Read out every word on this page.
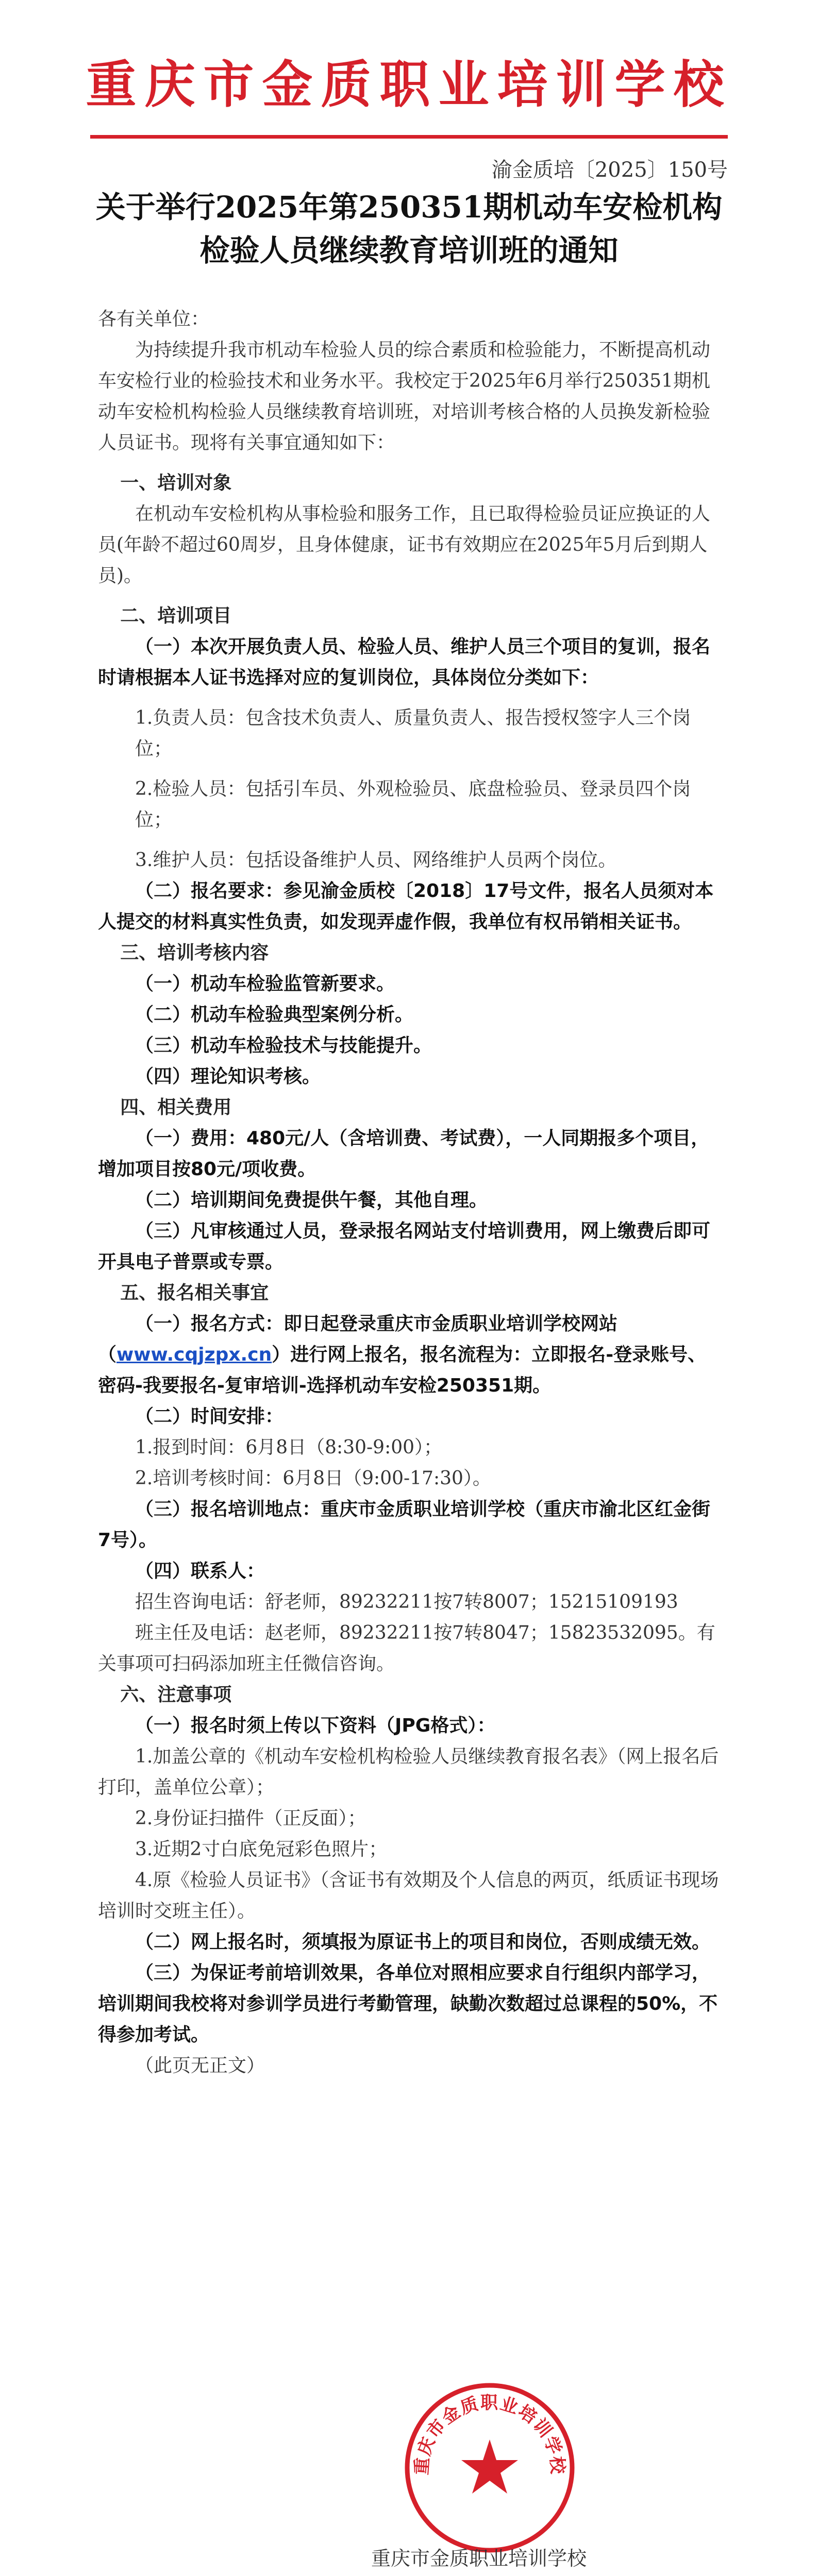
重庆市金质职业培训学校
渝金质培〔2025〕150号
关于举行2025年第250351期机动车安检机构
检验人员继续教育培训班的通知

各有关单位：

为持续提升我市机动车检验人员的综合素质和检验能力，不断提高机动车安检行业的检验技术和业务水平。我校定于2025年6月举行250351期机动车安检机构检验人员继续教育培训班，对培训考核合格的人员换发新检验人员证书。现将有关事宜通知如下：

一、培训对象

在机动车安检机构从事检验和服务工作，且已取得检验员证应换证的人员(年龄不超过60周岁，且身体健康，证书有效期应在2025年5月后到期人员)。

二、培训项目

（一）本次开展负责人员、检验人员、维护人员三个项目的复训，报名时请根据本人证书选择对应的复训岗位，具体岗位分类如下：

1.负责人员：包含技术负责人、质量负责人、报告授权签字人三个岗位；

2.检验人员：包括引车员、外观检验员、底盘检验员、登录员四个岗位；

3.维护人员：包括设备维护人员、网络维护人员两个岗位。

（二）报名要求：参见渝金质校〔2018〕17号文件，报名人员须对本人提交的材料真实性负责，如发现弄虚作假，我单位有权吊销相关证书。

三、培训考核内容

（一）机动车检验监管新要求。

（二）机动车检验典型案例分析。

（三）机动车检验技术与技能提升。

（四）理论知识考核。

四、相关费用

（一）费用：480元/人（含培训费、考试费），一人同期报多个项目，增加项目按80元/项收费。

（二）培训期间免费提供午餐，其他自理。

（三）凡审核通过人员，登录报名网站支付培训费用，网上缴费后即可开具电子普票或专票。

五、报名相关事宜

（一）报名方式：即日起登录重庆市金质职业培训学校网站（www.cqjzpx.cn）进行网上报名，报名流程为：立即报名-登录账号、密码-我要报名-复审培训-选择机动车安检250351期。

（二）时间安排：

1.报到时间：6月8日（8:30-9:00）；

2.培训考核时间：6月8日（9:00-17:30）。

（三）报名培训地点：重庆市金质职业培训学校（重庆市渝北区红金街7号）。

（四）联系人：

招生咨询电话：舒老师，89232211按7转8007；15215109193

班主任及电话：赵老师，89232211按7转8047；15823532095。有关事项可扫码添加班主任微信咨询。

六、注意事项

（一）报名时须上传以下资料（JPG格式）：

1.加盖公章的《机动车安检机构检验人员继续教育报名表》（网上报名后打印，盖单位公章）；

2.身份证扫描件（正反面）；

3.近期2寸白底免冠彩色照片；

4.原《检验人员证书》（含证书有效期及个人信息的两页，纸质证书现场培训时交班主任）。

（二）网上报名时，须填报为原证书上的项目和岗位，否则成绩无效。

（三）为保证考前培训效果，各单位对照相应要求自行组织内部学习，培训期间我校将对参训学员进行考勤管理，缺勤次数超过总课程的50%，不得参加考试。

（此页无正文）

重庆市金质职业培训学校
重庆市金质职业培训学校
